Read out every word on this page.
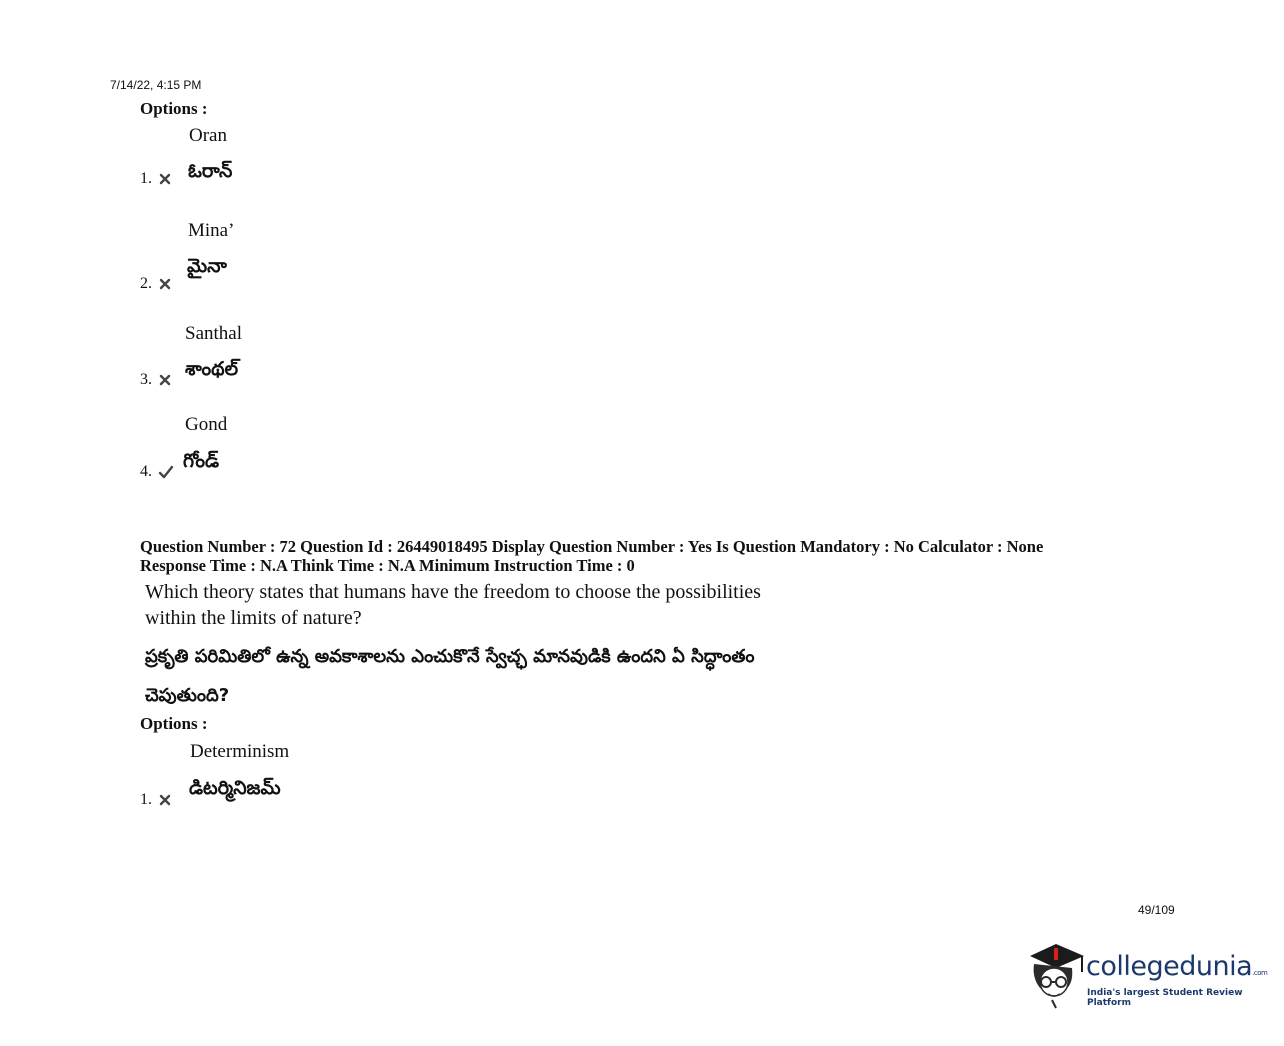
7/14/22, 4:15 PM
Options :
Oran
ఓరాన్
1.
Mina’
మైనా
2.
Santhal
శాంథల్
3.
Gond
గోండ్
4.
Question Number : 72 Question Id : 26449018495 Display Question Number : Yes Is Question Mandatory : No Calculator : None
Response Time : N.A Think Time : N.A Minimum Instruction Time : 0
Which theory states that humans have the freedom to choose the possibilities
within the limits of nature?
ప్రకృతి పరిమితిలో ఉన్న అవకాశాలను ఎంచుకొనే స్వేచ్ఛ మానవుడికి ఉందని ఏ సిద్ధాంతం
చెపుతుంది?
Options :
Determinism
డిటర్మినిజమ్
1.
49/109
collegedunia.com
India's largest Student Review Platform
